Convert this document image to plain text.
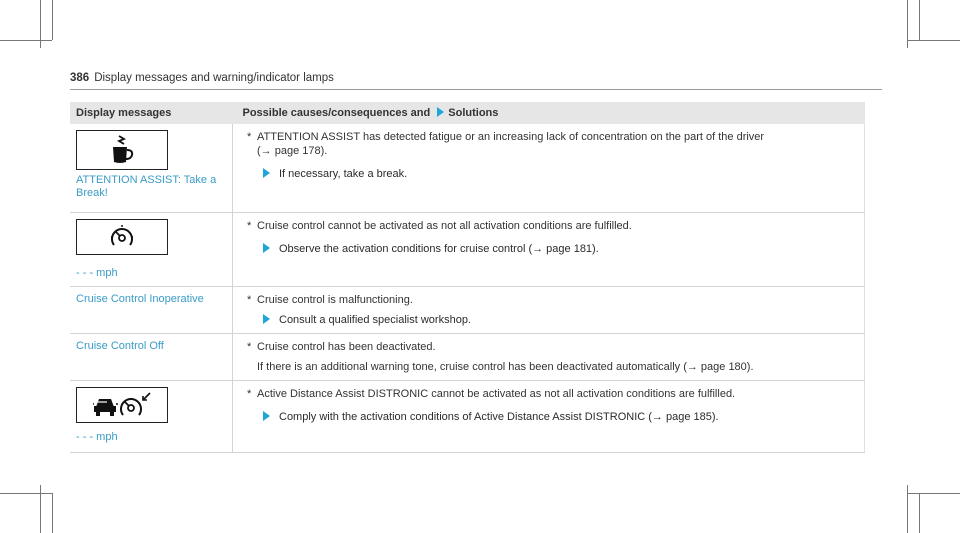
386 Display messages and warning/indicator lamps
Display messages	Possible causes/consequences and Solutions

ATTENTION ASSIST: Take a Break!	* ATTENTION ASSIST has detected fatigue or an increasing lack of concentration on the part of the driver
(→ page 178).
If necessary, take a break.

- - - mph	* Cruise control cannot be activated as not all activation conditions are fulfilled.
Observe the activation conditions for cruise control (→ page 181).

Cruise Control Inoperative	* Cruise control is malfunctioning.
Consult a qualified specialist workshop.

Cruise Control Off	* Cruise control has been deactivated.
If there is an additional warning tone, cruise control has been deactivated automatically (→ page 180).

- - - mph	* Active Distance Assist DISTRONIC cannot be activated as not all activation conditions are fulfilled.
Comply with the activation conditions of Active Distance Assist DISTRONIC (→ page 185).
